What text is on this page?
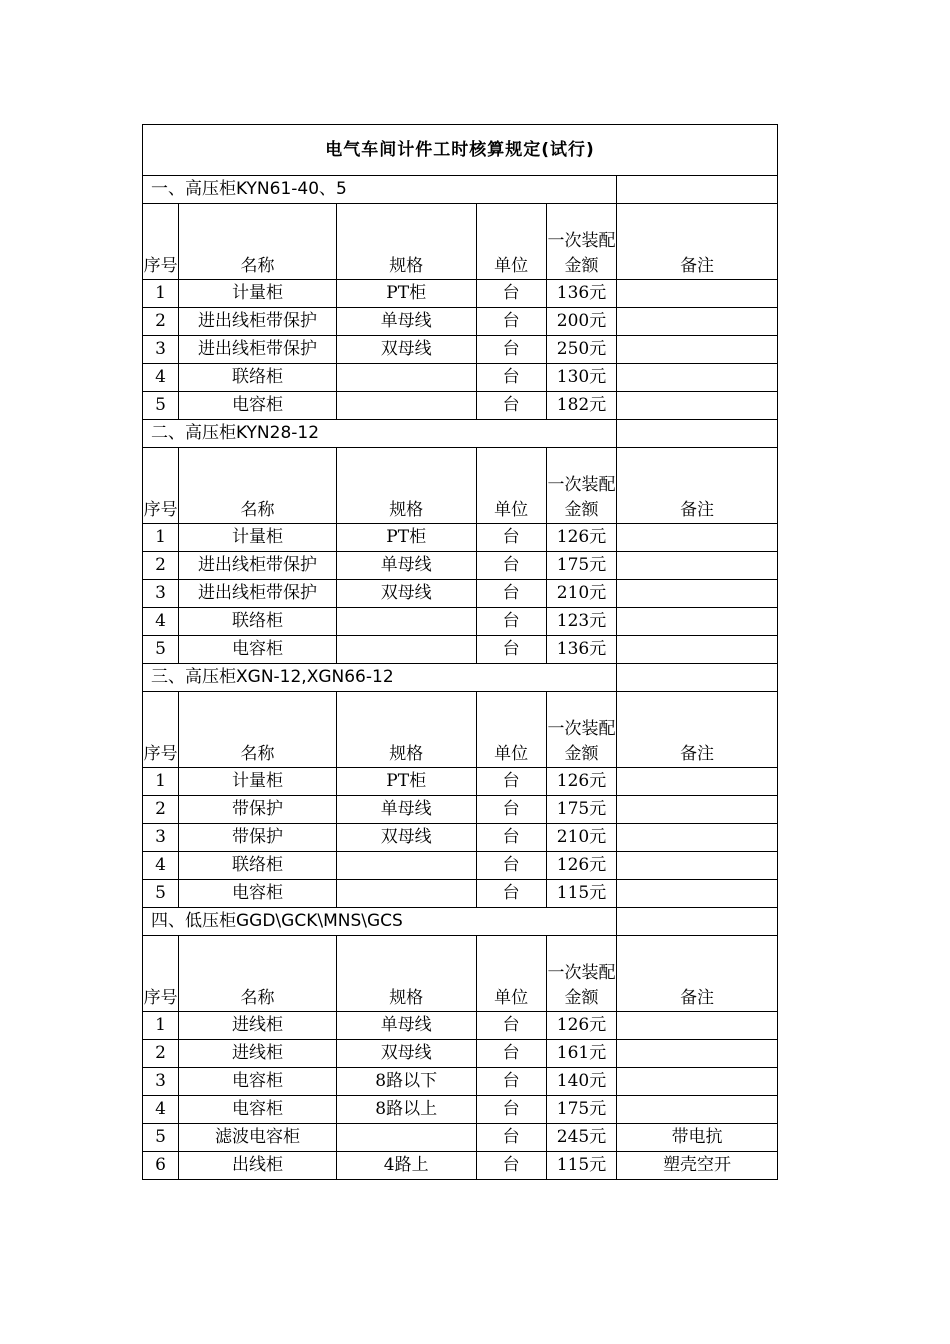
电气车间计件工时核算规定(试行)					
一、高压柜KYN61-40、5					
序号	名称	规格	单位	一次装配金额	备注
1	计量柜	PT柜	台	136元	
2	进出线柜带保护	单母线	台	200元	
3	进出线柜带保护	双母线	台	250元	
4	联络柜		台	130元	
5	电容柜		台	182元	
二、高压柜KYN28-12					
序号	名称	规格	单位	一次装配金额	备注
1	计量柜	PT柜	台	126元	
2	进出线柜带保护	单母线	台	175元	
3	进出线柜带保护	双母线	台	210元	
4	联络柜		台	123元	
5	电容柜		台	136元	
三、高压柜XGN-12,XGN66-12					
序号	名称	规格	单位	一次装配金额	备注
1	计量柜	PT柜	台	126元	
2	带保护	单母线	台	175元	
3	带保护	双母线	台	210元	
4	联络柜		台	126元	
5	电容柜		台	115元	
四、低压柜GGD\GCK\MNS\GCS					
序号	名称	规格	单位	一次装配金额	备注
1	进线柜	单母线	台	126元	
2	进线柜	双母线	台	161元	
3	电容柜	8路以下	台	140元	
4	电容柜	8路以上	台	175元	
5	滤波电容柜		台	245元	带电抗
6	出线柜	4路上	台	115元	塑壳空开
